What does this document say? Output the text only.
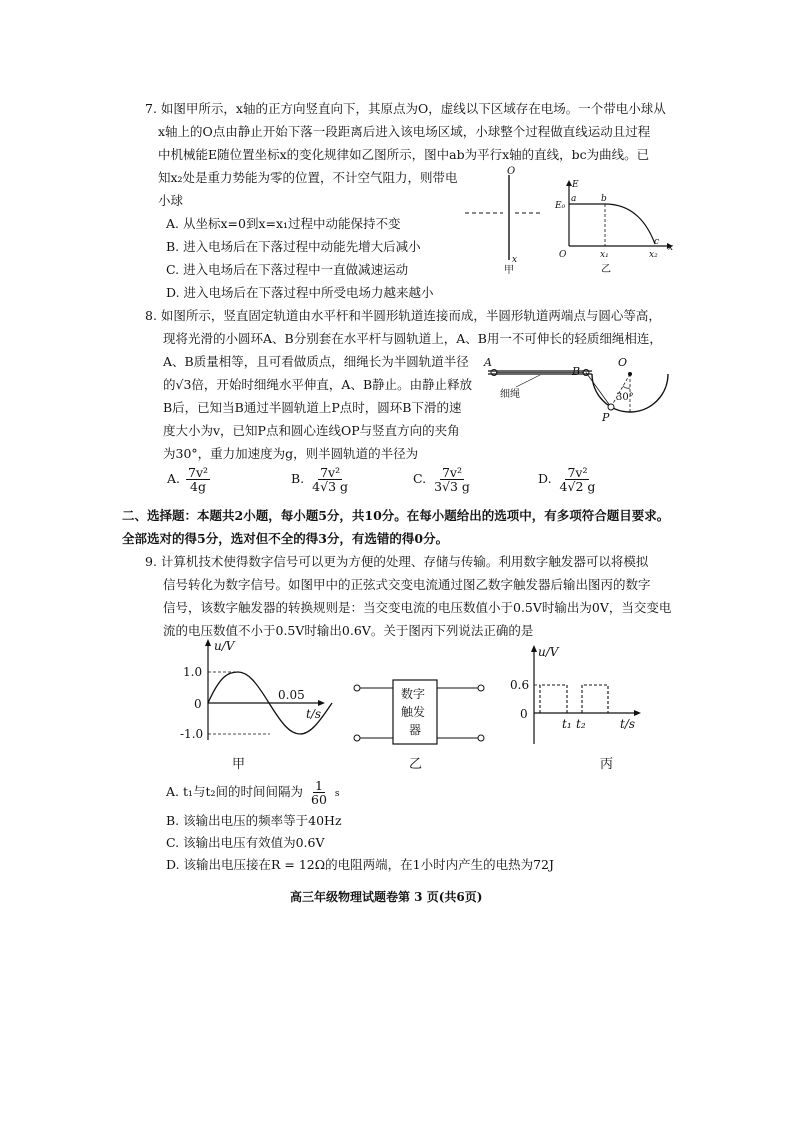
7. 如图甲所示，x轴的正方向竖直向下，其原点为O，虚线以下区域存在电场。一个带电小球从
x轴上的O点由静止开始下落一段距离后进入该电场区域，小球整个过程做直线运动且过程
中机械能E随位置坐标x的变化规律如乙图所示，图中ab为平行x轴的直线，bc为曲线。已
知x₂处是重力势能为零的位置，不计空气阻力，则带电
小球
A. 从坐标x=0到x=x₁过程中动能保持不变
B. 进入电场后在下落过程中动能先增大后减小
C. 进入电场后在下落过程中一直做减速运动
D. 进入电场后在下落过程中所受电场力越来越小
O
x
甲
E
E₀
a	b
c
x
O	x₁	x₂
乙
8. 如图所示，竖直固定轨道由水平杆和半圆形轨道连接而成，半圆形轨道两端点与圆心等高，
现将光滑的小圆环A、B分别套在水平杆与圆轨道上，A、B用一不可伸长的轻质细绳相连，
A、B质量相等，且可看做质点，细绳长为半圆轨道半径
的√3倍，开始时细绳水平伸直，A、B静止。由静止释放
B后，已知当B通过半圆轨道上P点时，圆环B下滑的速
度大小为v，已知P点和圆心连线OP与竖直方向的夹角
为30°，重力加速度为g，则半圆轨道的半径为
A
B
O
P
细绳	30°
A. $\frac{\text{7v²}}{4g}$	B. $\frac{\text{7v²}}{4√3 g}$	C. $\frac{\text{7v²}}{3√3 g}$	D. $\frac{\text{7v²}}{4√2 g}$
二、选择题：本题共2小题，每小题5分，共10分。在每小题给出的选项中，有多项符合题目要求。
全部选对的得5分，选对但不全的得3分，有选错的得0分。
9. 计算机技术使得数字信号可以更为方便的处理、存储与传输。利用数字触发器可以将模拟
信号转化为数字信号。如图甲中的正弦式交变电流通过图乙数字触发器后输出图丙的数字
信号，该数字触发器的转换规则是：当交变电流的电压数值小于0.5V时输出为0V，当交变电
流的电压数值不小于0.5V时输出0.6V。关于图丙下列说法正确的是
u/V
1.0
0
-1.0
0.05
t/s
甲
数字
触发
器
乙
u/V
0.6
0
t₁ t₂	t/s
丙
A. t₁与t₂间的时间间隔为 $\frac{1}{60}$ s
B. 该输出电压的频率等于40Hz
C. 该输出电压有效值为0.6V
D. 该输出电压接在R = 12Ω的电阻两端，在1小时内产生的电热为72J
高三年级物理试题卷第 3 页(共6页)
